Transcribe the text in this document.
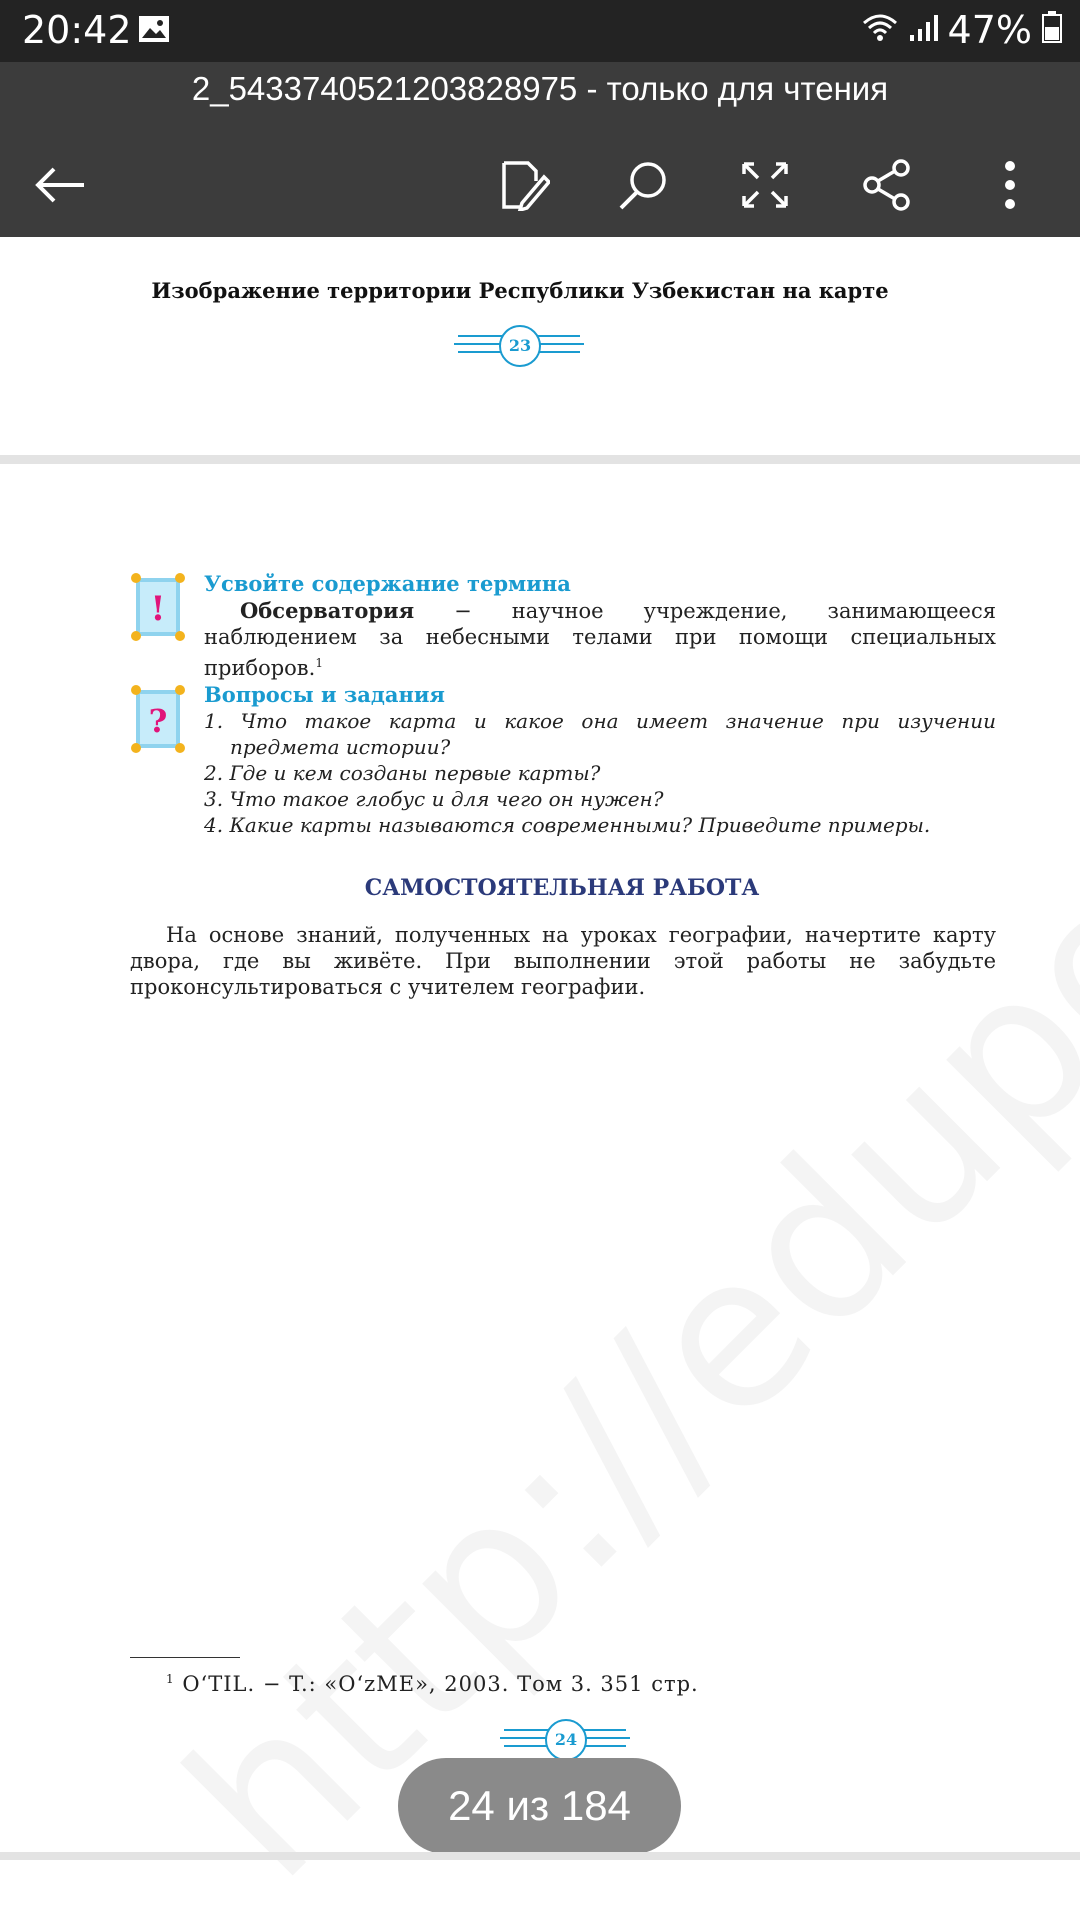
20:42	47%
2_5433740521203828975 - только для чтения
Изображение территории Республики Узбекистан на карте
23
!
Усвойте содержание термина
Обсерватория − научное учреждение, занимающееся наблюдением за небесными телами при помощи специальных приборов.$^1$
?
Вопросы и задания
1. Что такое карта и какое она имеет значение при изучении предмета истории?
2. Где и кем созданы первые карты?
3. Что такое глобус и для чего он нужен?
4. Какие карты называются современными? Приведите примеры.
САМОСТОЯТЕЛЬНАЯ РАБОТА
На основе знаний, полученных на уроках географии, начертите карту двора, где вы живёте. При выполнении этой работы не забудьте проконсультироваться с учителем географии.
$^1$ O‘TIL. − T.: «O‘zME», 2003. Том 3. 351 стр.
24
24 из 184
